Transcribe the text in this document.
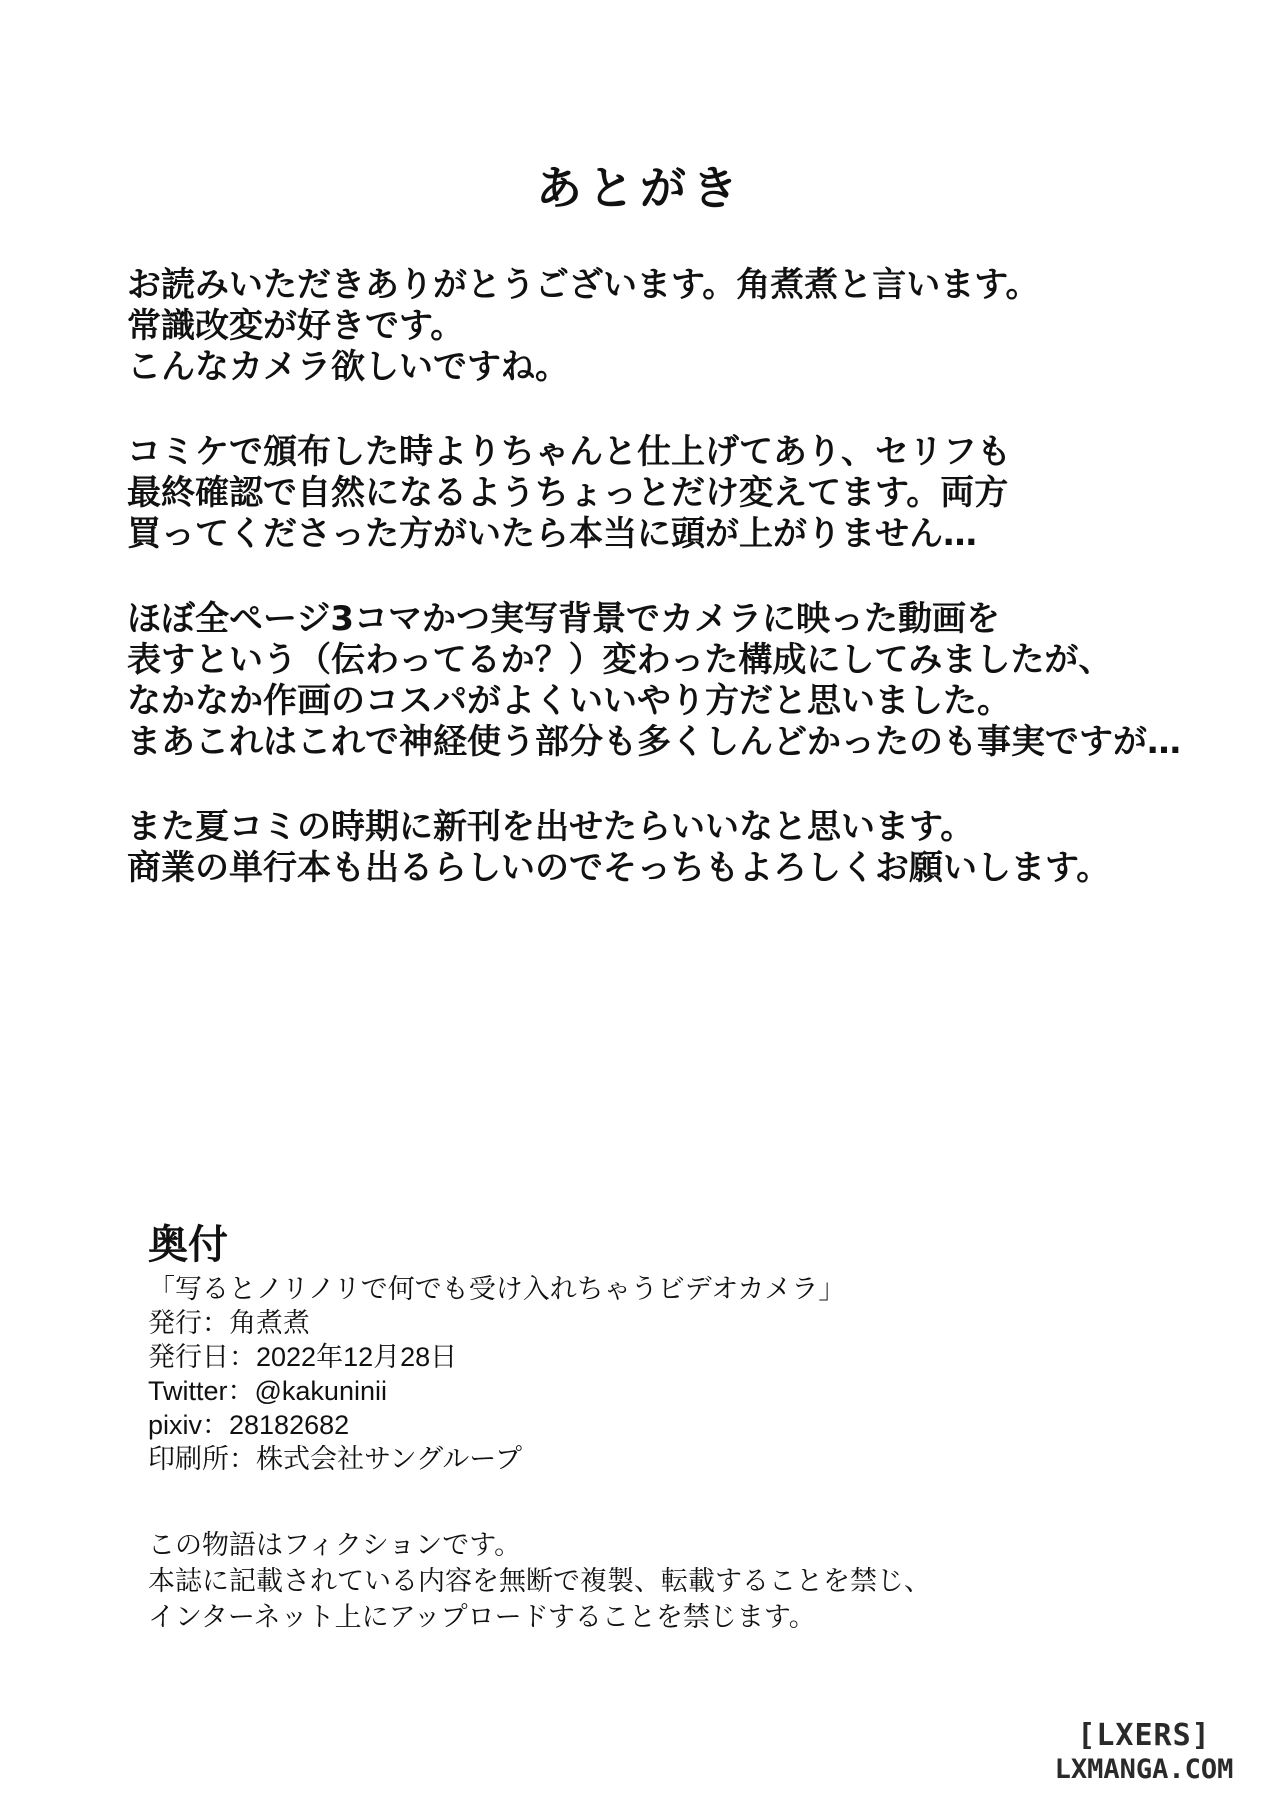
あとがき
お読みいただきありがとうございます。角煮煮と言います。
常識改変が好きです。
こんなカメラ欲しいですね。
コミケで頒布した時よりちゃんと仕上げてあり、セリフも
最終確認で自然になるようちょっとだけ変えてます。両方
買ってくださった方がいたら本当に頭が上がりません…
ほぼ全ページ3コマかつ実写背景でカメラに映った動画を
表すという（伝わってるか？）変わった構成にしてみましたが、
なかなか作画のコスパがよくいいやり方だと思いました。
まあこれはこれで神経使う部分も多くしんどかったのも事実ですが…
また夏コミの時期に新刊を出せたらいいなと思います。
商業の単行本も出るらしいのでそっちもよろしくお願いします。
奥付
「写るとノリノリで何でも受け入れちゃうビデオカメラ」
発行：角煮煮
発行日：2022年12月28日
Twitter：@kakuninii
pixiv：28182682
印刷所：株式会社サングループ
この物語はフィクションです。
本誌に記載されている内容を無断で複製、転載することを禁じ、
インターネット上にアップロードすることを禁じます。
[LXERS]
LXMANGA.COM
